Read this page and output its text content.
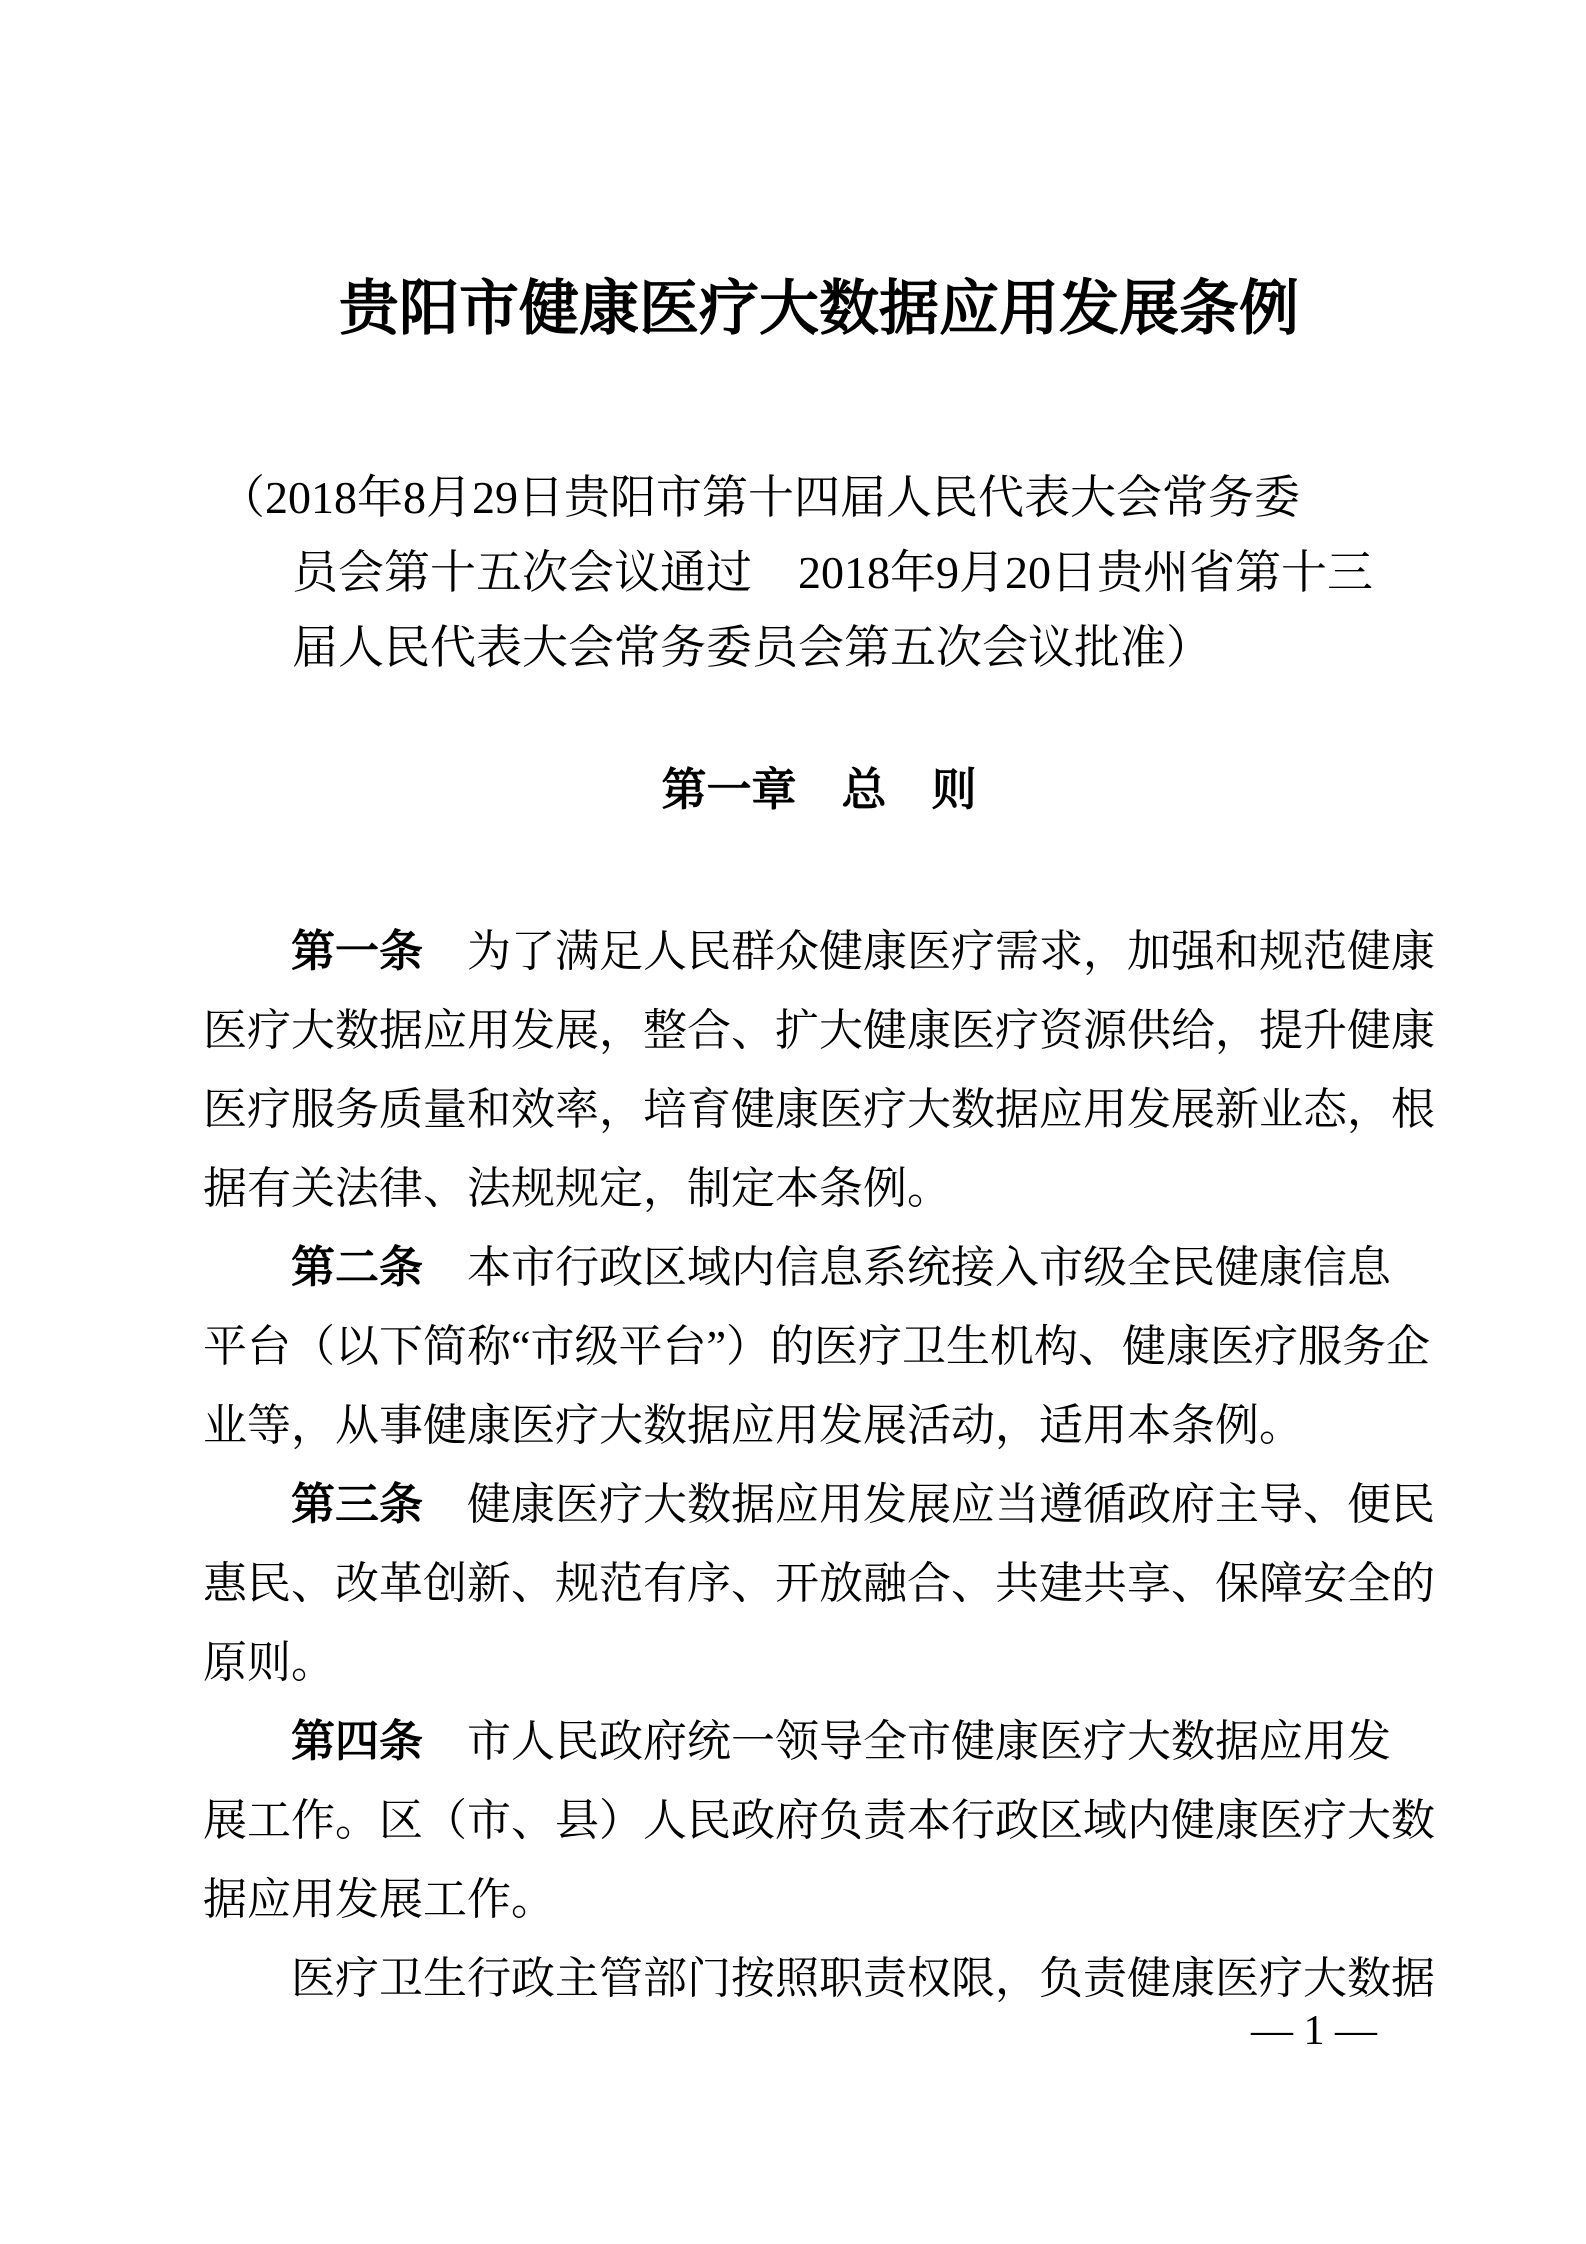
贵阳市健康医疗大数据应用发展条例
（2018年8月29日贵阳市第十四届人民代表大会常务委
员会第十五次会议通过　2018年9月20日贵州省第十三
届人民代表大会常务委员会第五次会议批准）
第一章　总　则
第一条　为了满足人民群众健康医疗需求，加强和规范健康
医疗大数据应用发展，整合、扩大健康医疗资源供给，提升健康
医疗服务质量和效率，培育健康医疗大数据应用发展新业态，根
据有关法律、法规规定，制定本条例。
第二条　本市行政区域内信息系统接入市级全民健康信息
平台（以下简称“市级平台”）的医疗卫生机构、健康医疗服务企
业等，从事健康医疗大数据应用发展活动，适用本条例。
第三条　健康医疗大数据应用发展应当遵循政府主导、便民
惠民、改革创新、规范有序、开放融合、共建共享、保障安全的
原则。
第四条　市人民政府统一领导全市健康医疗大数据应用发
展工作。区（市、县）人民政府负责本行政区域内健康医疗大数
据应用发展工作。
医疗卫生行政主管部门按照职责权限，负责健康医疗大数据
— 1 —
